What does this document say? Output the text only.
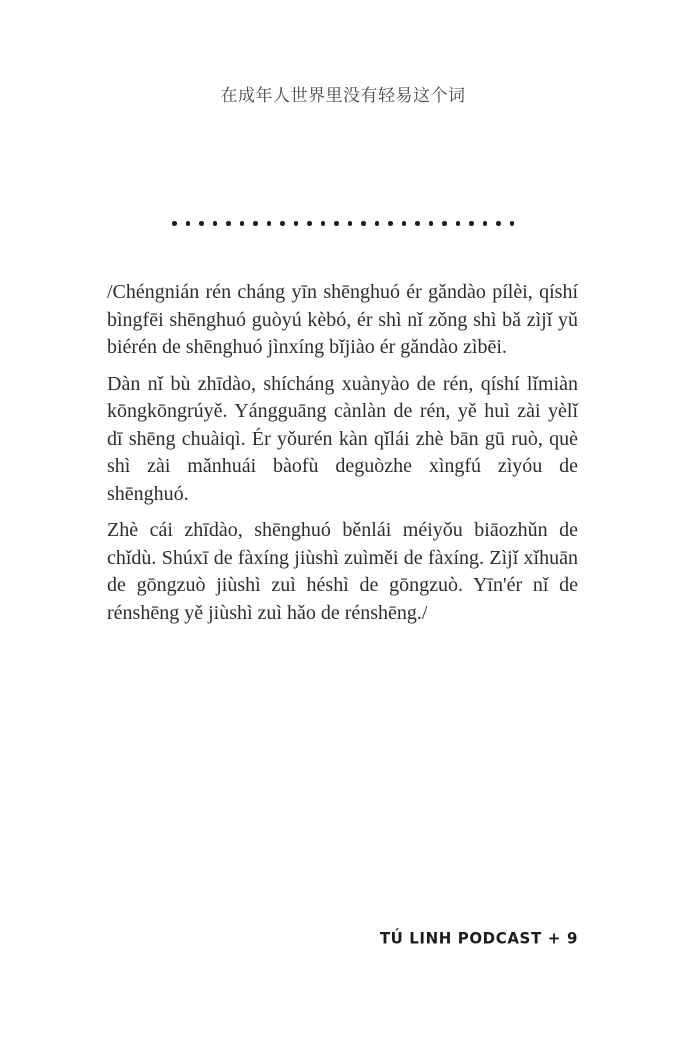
在成年人世界里没有轻易这个词

/Chéngnián rén cháng yīn shēnghuó ér gǎndào pílèi, qíshí bìngfēi shēnghuó guòyú kèbó, ér shì nǐ zǒng shì bǎ zìjǐ yǔ biérén de shēnghuó jìnxíng bǐjiào ér gǎndào zìbēi.

Dàn nǐ bù zhīdào, shícháng xuànyào de rén, qíshí lǐmiàn kōngkōngrúyě. Yángguāng cànlàn de rén, yě huì zài yèlǐ dī shēng chuàiqì. Ér yǒurén kàn qǐlái zhè bān gū ruò, què shì zài mǎnhuái bàofù deguòzhe xìngfú zìyóu de shēnghuó.

Zhè cái zhīdào, shēnghuó běnlái méiyǒu biāozhǔn de chǐdù. Shúxī de fàxíng jiùshì zuìměi de fàxíng. Zìjǐ xǐhuān de gōngzuò jiùshì zuì héshì de gōngzuò. Yīn'ér nǐ de rénshēng yě jiùshì zuì hǎo de rénshēng./

TÚ LINH PODCAST + 9
